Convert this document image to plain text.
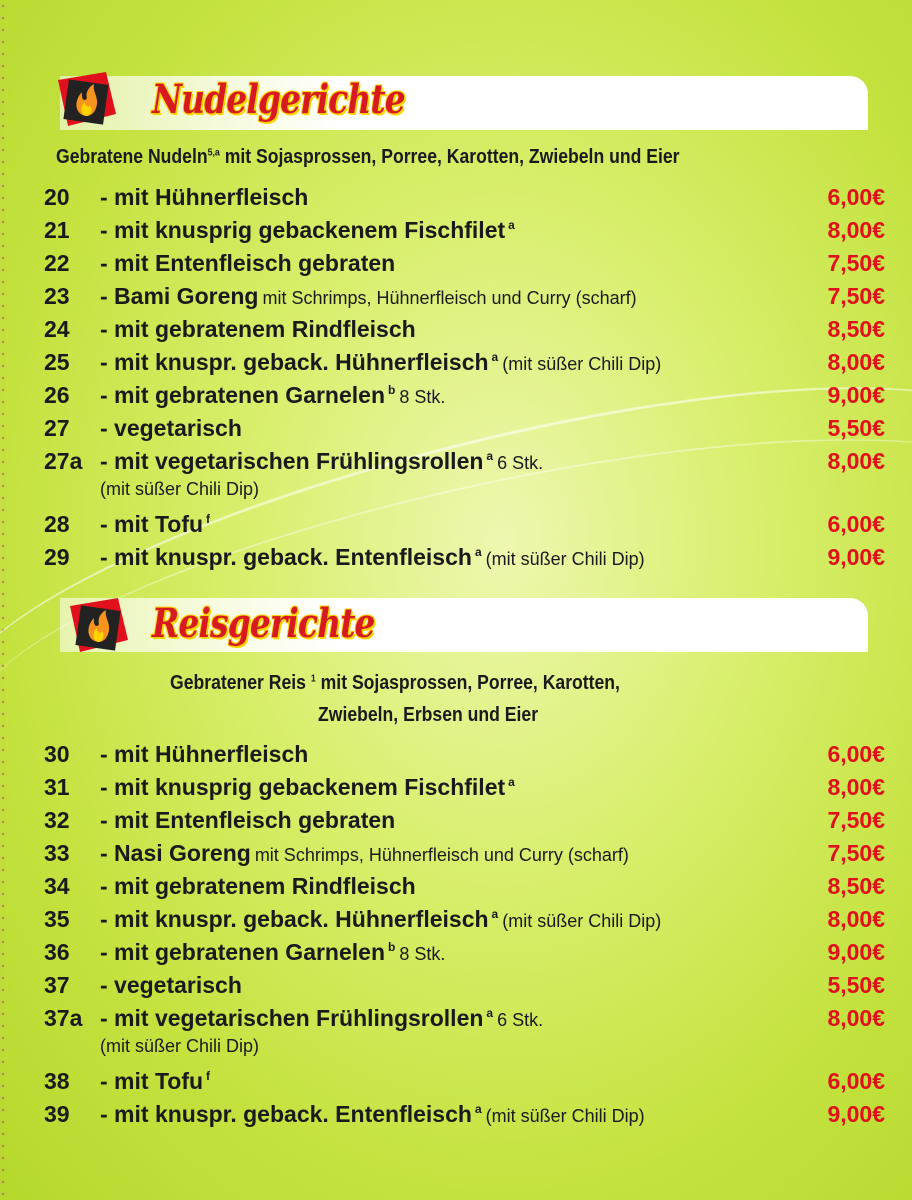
Nudelgerichte
Gebratene Nudeln$^{5,a}$ mit Sojasprossen, Porree, Karotten, Zwiebeln und Eier
20 - mit Hühnerfleisch	6,00€
21 - mit knusprig gebackenem Fischfilet $^a$	8,00€
22 - mit Entenfleisch gebraten	7,50€
23 - Bami Goreng mit Schrimps, Hühnerfleisch und Curry (scharf)	7,50€
24 - mit gebratenem Rindfleisch	8,50€
25 - mit knuspr. geback. Hühnerfleisch $^a$ (mit süßer Chili Dip)	8,00€
26 - mit gebratenen Garnelen $^b$ 8 Stk.	9,00€
27 - vegetarisch	5,50€
27a - mit vegetarischen Frühlingsrollen $^a$ 6 Stk.	8,00€
(mit süßer Chili Dip)
28 - mit Tofu $^f$	6,00€
29 - mit knuspr. geback. Entenfleisch $^a$ (mit süßer Chili Dip)	9,00€
Reisgerichte
Gebratener Reis $^1$ mit Sojasprossen, Porree, Karotten,
Zwiebeln, Erbsen und Eier
30 - mit Hühnerfleisch	6,00€
31 - mit knusprig gebackenem Fischfilet $^a$	8,00€
32 - mit Entenfleisch gebraten	7,50€
33 - Nasi Goreng mit Schrimps, Hühnerfleisch und Curry (scharf)	7,50€
34 - mit gebratenem Rindfleisch	8,50€
35 - mit knuspr. geback. Hühnerfleisch $^a$ (mit süßer Chili Dip)	8,00€
36 - mit gebratenen Garnelen $^b$ 8 Stk.	9,00€
37 - vegetarisch	5,50€
37a - mit vegetarischen Frühlingsrollen $^a$ 6 Stk.	8,00€
(mit süßer Chili Dip)
38 - mit Tofu $^f$	6,00€
39 - mit knuspr. geback. Entenfleisch $^a$ (mit süßer Chili Dip)	9,00€
